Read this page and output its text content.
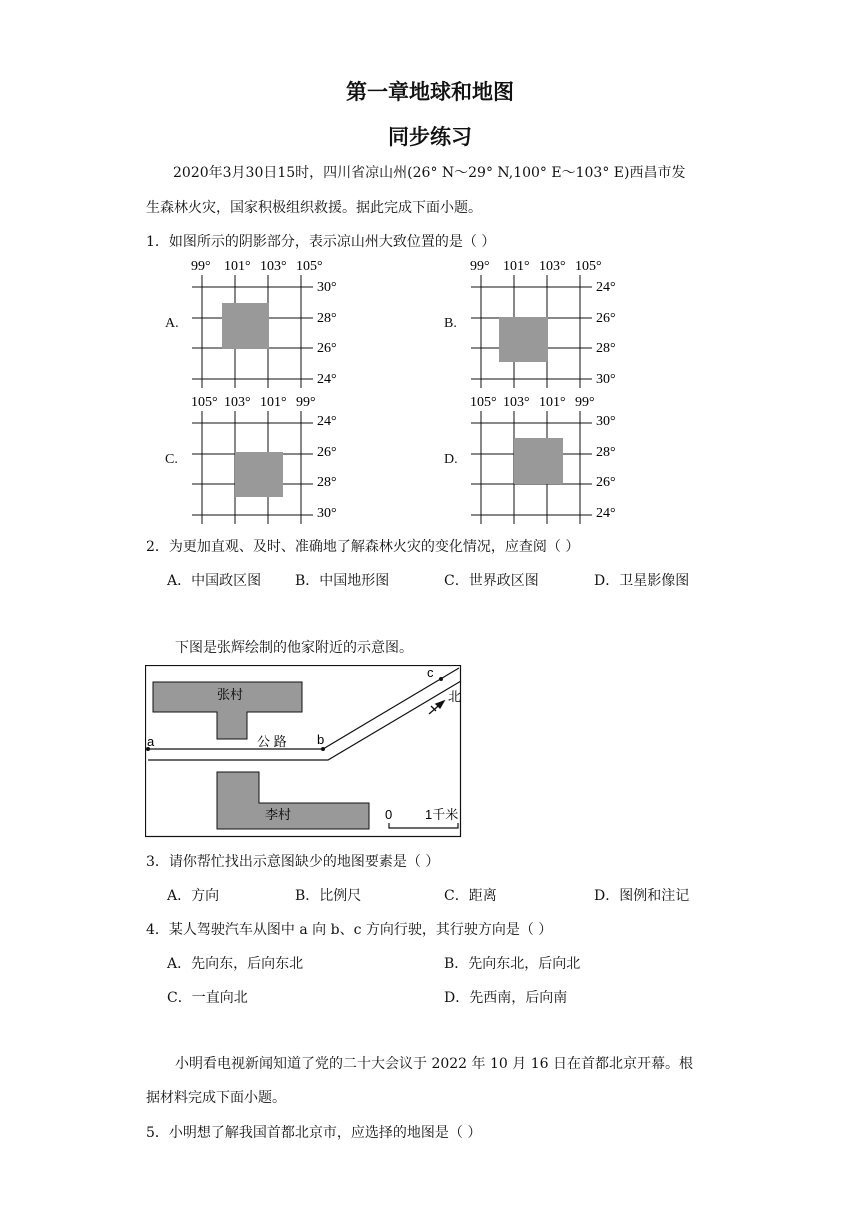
第一章地球和地图
同步练习
2020年3月30日15时，四川省凉山州(26° N～29° N,100° E～103° E)西昌市发
生森林火灾，国家积极组织救援。据此完成下面小题。
1．如图所示的阴影部分，表示凉山州大致位置的是（ ）
A.
99° 101° 103° 105°
30°
28°
26°
24°
B.
99° 101° 103° 105°
24°
26°
28°
30°
C.
105° 103° 101° 99°
24°
26°
28°
30°
D.
105° 103° 101° 99°
30°
28°
26°
24°
2．为更加直观、及时、准确地了解森林火灾的变化情况，应查阅（ ）
A．中国政区图 B．中国地形图	C．世界政区图	D．卫星影像图
下图是张辉绘制的他家附近的示意图。
张村
李村
a	b
c
公 路
北
0	1千米
3．请你帮忙找出示意图缺少的地图要素是（ ）
A．方向	B．比例尺	C．距离	D．图例和注记
4．某人驾驶汽车从图中 a 向 b、c 方向行驶，其行驶方向是（ ）
A．先向东，后向东北	B．先向东北，后向北
C．一直向北	D．先西南，后向南
小明看电视新闻知道了党的二十大会议于 2022 年 10 月 16 日在首都北京开幕。根
据材料完成下面小题。
5．小明想了解我国首都北京市，应选择的地图是（ ）
